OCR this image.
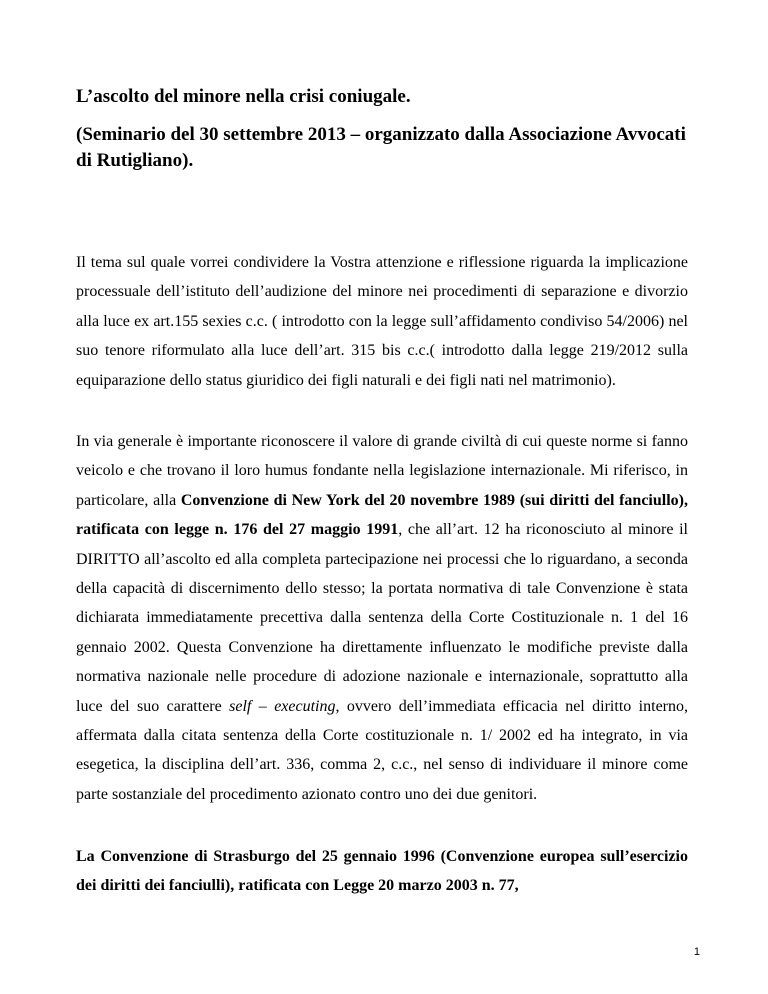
L’ascolto del minore nella crisi coniugale.
(Seminario del 30 settembre 2013 – organizzato dalla Associazione Avvocati di Rutigliano).

Il tema sul quale vorrei condividere la Vostra attenzione e riflessione riguarda la implicazione processuale dell’istituto dell’audizione del minore nei procedimenti di separazione e divorzio alla luce ex art.155 sexies c.c. ( introdotto con la legge sull’affidamento condiviso 54/2006) nel suo tenore riformulato alla luce dell’art. 315 bis c.c.( introdotto dalla legge 219/2012 sulla equiparazione dello status giuridico dei figli naturali e dei figli nati nel matrimonio).

In via generale è importante riconoscere il valore di grande civiltà di cui queste norme si fanno veicolo e che trovano il loro humus fondante nella legislazione internazionale. Mi riferisco, in particolare, alla Convenzione di New York del 20 novembre 1989 (sui diritti del fanciullo), ratificata con legge n. 176 del 27 maggio 1991, che all’art. 12 ha riconosciuto al minore il DIRITTO all’ascolto ed alla completa partecipazione nei processi che lo riguardano, a seconda della capacità di discernimento dello stesso; la portata normativa di tale Convenzione è stata dichiarata immediatamente precettiva dalla sentenza della Corte Costituzionale n. 1 del 16 gennaio 2002. Questa Convenzione ha direttamente influenzato le modifiche previste dalla normativa nazionale nelle procedure di adozione nazionale e internazionale, soprattutto alla luce del suo carattere self – executing, ovvero dell’immediata efficacia nel diritto interno, affermata dalla citata sentenza della Corte costituzionale n. 1/ 2002 ed ha integrato, in via esegetica, la disciplina dell’art. 336, comma 2, c.c., nel senso di individuare il minore come parte sostanziale del procedimento azionato contro uno dei due genitori.

La Convenzione di Strasburgo del 25 gennaio 1996 (Convenzione europea sull’esercizio dei diritti dei fanciulli), ratificata con Legge 20 marzo 2003 n. 77,

1
